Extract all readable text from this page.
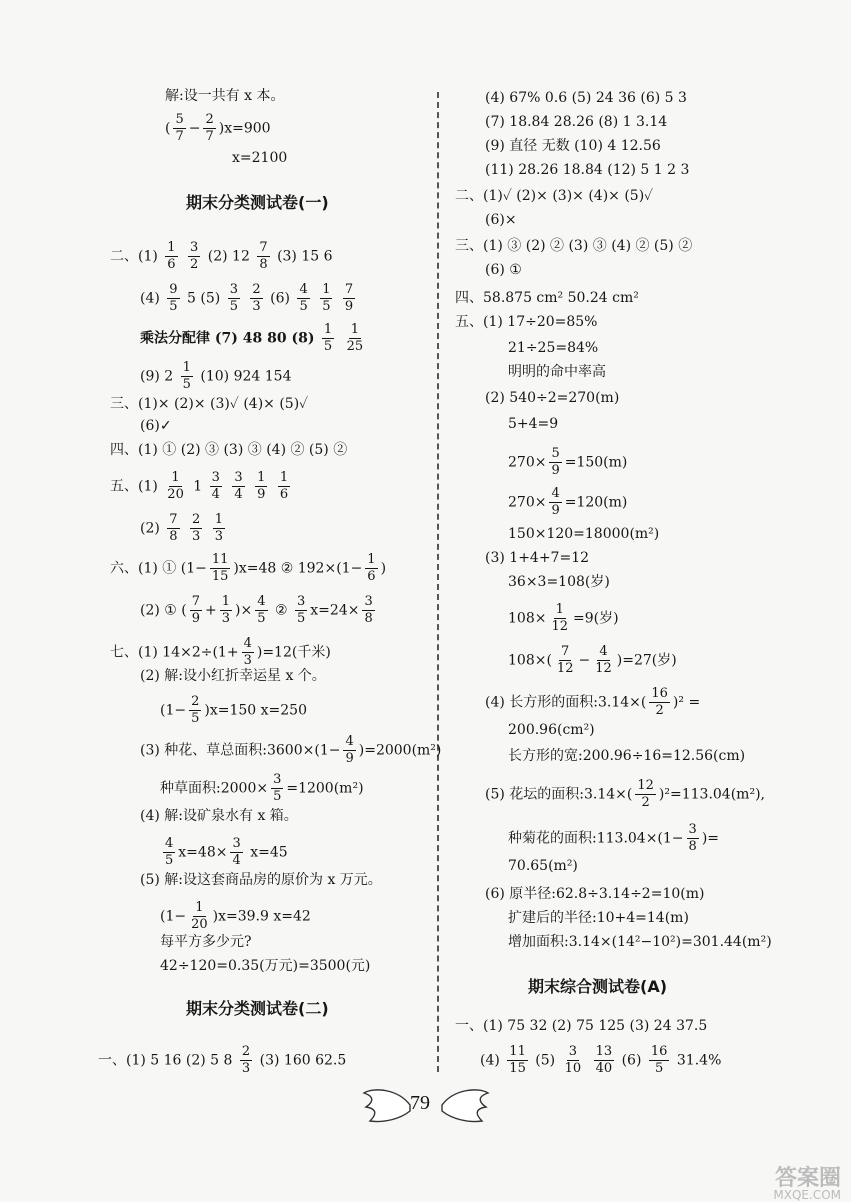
解:设一共有 x 本。
( $\frac{5}{7} - \frac{2}{7} )x=900$
x=2100
期末分类测试卷(一)
二、$(1) \frac{1}{6}$
$\frac{3}{2} (2)$ $12 \frac{7}{8} (3)$ 15 6
$(4) \frac{9}{5} 5$ $(5) \frac{3}{5}$
$\frac{2}{3} (6) \frac{4}{5}$
$\frac{1}{5}$
$\frac{7}{9}$
乘法分配律 (7) 48 80 $(8) \frac{1}{5}$
$\frac{1}{25}$
(9) $2 \frac{1}{5} (10)$ 924 154
三、(1)× (2)× (3)✓ (4)× (5)✓
(6)✓
四、(1) ① (2) ③ (3) ③ (4) ② (5) ②
五、$(1) \frac{1}{20} 1 \frac{3}{4}$
$\frac{3}{4}$
$\frac{1}{9}$
$\frac{1}{6}$
$(2) \frac{7}{8}$
$\frac{2}{3}$
$\frac{1}{3}$
六、(1) ① $(1- \frac{11}{15} )x=48$ ② $192\times(1- \frac{1}{6}$ )
(2) ① ( $\frac{7}{9} + \frac{1}{3}$ )× $\frac{4}{5}$ ② $\frac{3}{5} x=24\times \frac{3}{8}$
七、(1) $14\times 2\div(1+ \frac{4}{3} )=12$(千米)
(2) 解:设小红折幸运星 x 个。
$(1- \frac{2}{5} )x=150$ x=250
(3) 种花、草总面积:3600×(1− $\frac{4}{9} )=2000(m^2)$
种草面积:2000× $\frac{3}{5} =1200(m^2)$
(4) 解:设矿泉水有 x 箱。
$\frac{4}{5} x=48\times \frac{3}{4} x=45$
(5) 解:设这套商品房的原价为 x 万元。
$(1- \frac{1}{20} )x=39.9$ x=42
每平方多少元?
42÷120=0.35(万元)=3500(元)
期末分类测试卷(二)
一、(1) 5 16 (2) 5 $8 \frac{2}{3} (3)$ 160 62.5
(4) 67% 0.6 (5) 24 36 (6) 5 3
(7) 18.84 28.26 (8) 1 3.14
(9) 直径 无数 (10) 4 12.56
(11) 28.26 18.84 (12) 5 1 2 3
二、(1)✓ (2)× (3)× (4)× (5)✓
(6)×
三、(1) ③ (2) ② (3) ③ (4) ② (5) ②
(6) ①
四、58.875 cm² 50.24 cm²
五、(1) 17÷20=85%
21÷25=84%
明明的命中率高
(2) 540÷2=270(m)
5+4=9
$270\times \frac{5}{9} =150(m)$
$270\times \frac{4}{9} =120(m)$
150×120=18000(m²)
(3) 1+4+7=12
36×3=108(岁)
$108\times \frac{1}{12} =9$(岁)
$108\times( \frac{7}{12} - \frac{4}{12} )=27$(岁)
(4) 长方形的面积:3.14×( $\frac{16}{2} )^2$ =
200.96(cm²)
长方形的宽:200.96÷16=12.56(cm)
(5) 花坛的面积:3.14×( $\frac{12}{2} )^2=113.04(m^2)$,
种菊花的面积:113.04×(1− $\frac{3}{8}$ )=
70.65(m²)
(6) 原半径:62.8÷3.14÷2=10(m)
扩建后的半径:10+4=14(m)
增加面积:3.14×(14²−10²)=301.44(m²)
期末综合测试卷(A)
一、(1) 75 32 (2) 75 125 (3) 24 37.5
$(4) \frac{11}{15} (5) \frac{3}{10}$
$\frac{13}{40} (6) \frac{16}{5} 31.4\%$
79
答案圈
MXQE.COM
